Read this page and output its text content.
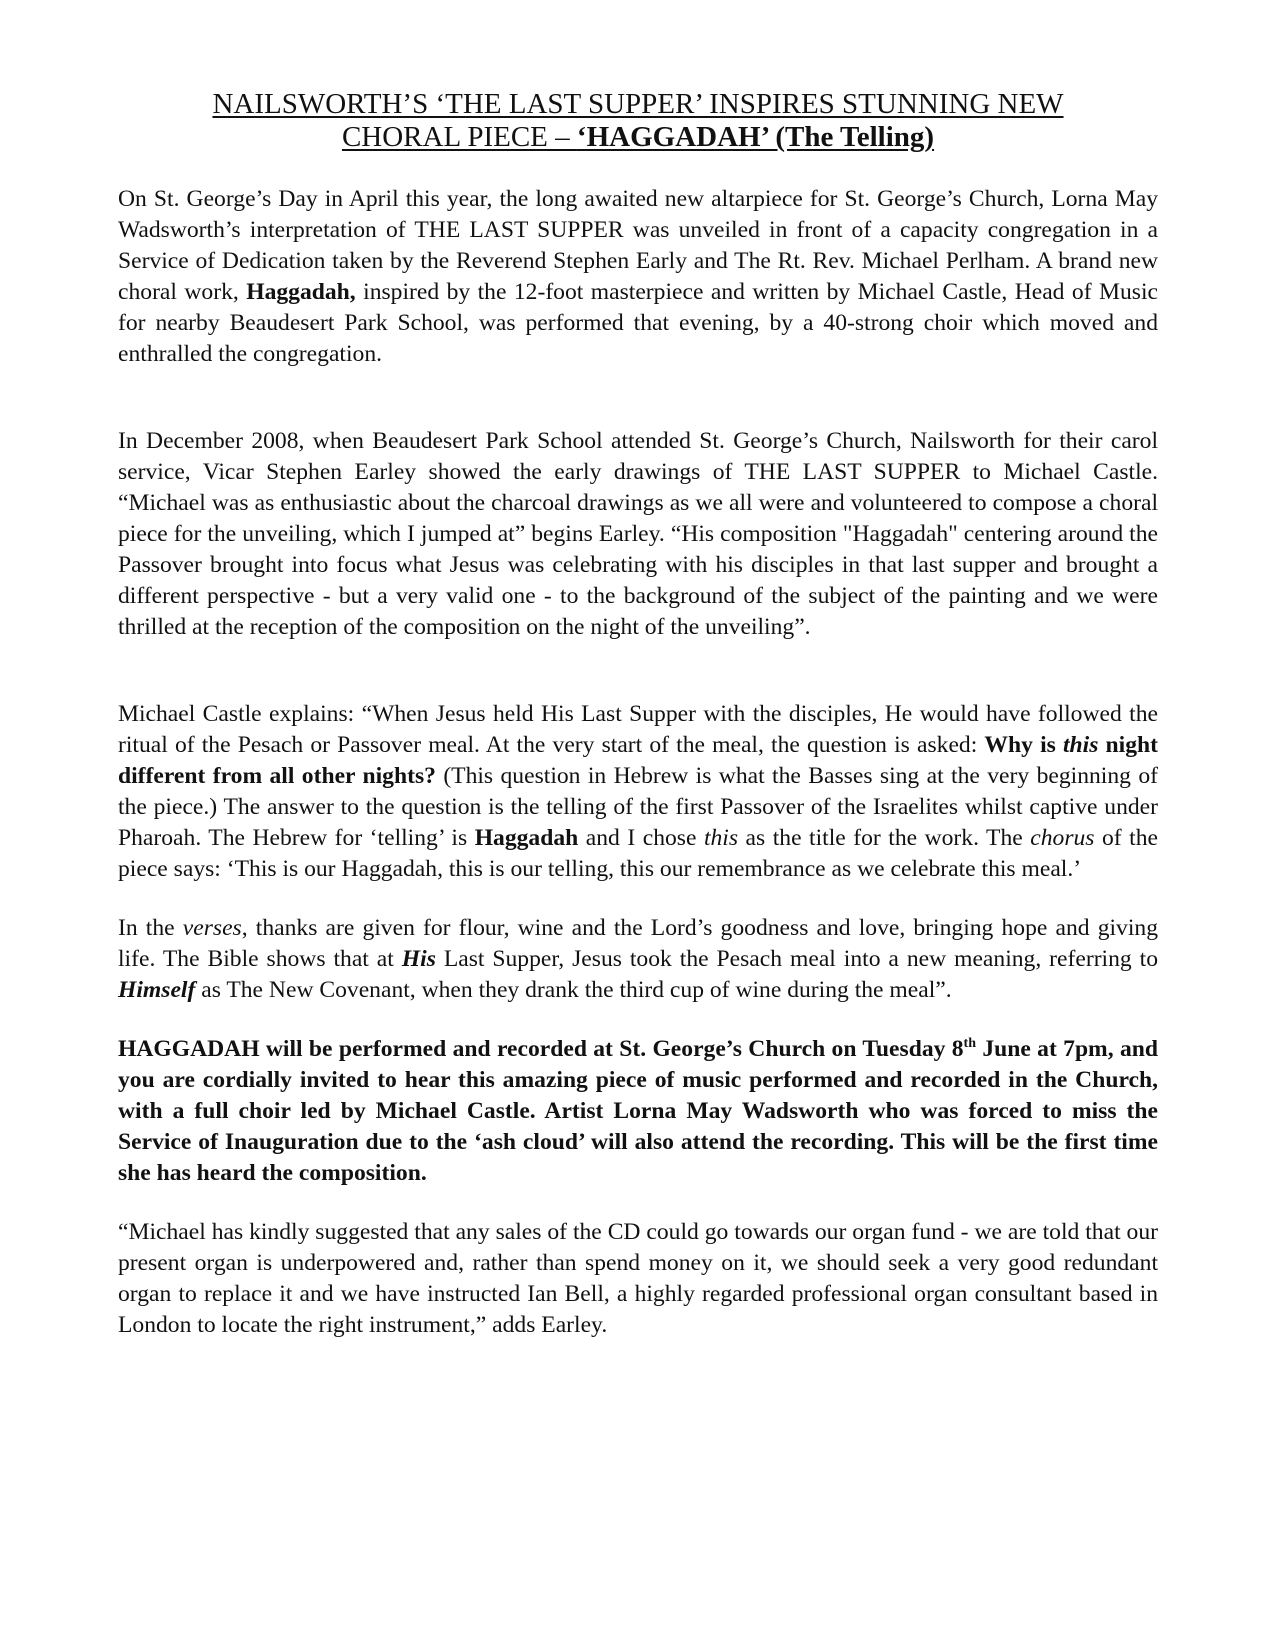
NAILSWORTH’S ‘THE LAST SUPPER’ INSPIRES STUNNING NEW
CHORAL PIECE – ‘HAGGADAH’ (The Telling)

On St. George’s Day in April this year, the long awaited new altarpiece for St. George’s Church, Lorna May Wadsworth’s interpretation of THE LAST SUPPER was unveiled in front of a capacity congregation in a Service of Dedication taken by the Reverend Stephen Early and The Rt. Rev. Michael Perlham. A brand new choral work, Haggadah, inspired by the 12-foot masterpiece and written by Michael Castle, Head of Music for nearby Beaudesert Park School, was performed that evening, by a 40-strong choir which moved and enthralled the congregation.

In December 2008, when Beaudesert Park School attended St. George’s Church, Nailsworth for their carol service, Vicar Stephen Earley showed the early drawings of THE LAST SUPPER to Michael Castle. “Michael was as enthusiastic about the charcoal drawings as we all were and volunteered to compose a choral piece for the unveiling, which I jumped at” begins Earley. “His composition "Haggadah" centering around the Passover brought into focus what Jesus was celebrating with his disciples in that last supper and brought a different perspective - but a very valid one - to the background of the subject of the painting and we were thrilled at the reception of the composition on the night of the unveiling”.

Michael Castle explains: “When Jesus held His Last Supper with the disciples, He would have followed the ritual of the Pesach or Passover meal. At the very start of the meal, the question is asked: Why is this night different from all other nights? (This question in Hebrew is what the Basses sing at the very beginning of the piece.) The answer to the question is the telling of the first Passover of the Israelites whilst captive under Pharoah. The Hebrew for ‘telling’ is Haggadah and I chose this as the title for the work. The chorus of the piece says: ‘This is our Haggadah, this is our telling, this our remembrance as we celebrate this meal.’

In the verses, thanks are given for flour, wine and the Lord’s goodness and love, bringing hope and giving life. The Bible shows that at His Last Supper, Jesus took the Pesach meal into a new meaning, referring to Himself as The New Covenant, when they drank the third cup of wine during the meal”.

HAGGADAH will be performed and recorded at St. George’s Church on Tuesday 8th June at 7pm, and you are cordially invited to hear this amazing piece of music performed and recorded in the Church, with a full choir led by Michael Castle. Artist Lorna May Wadsworth who was forced to miss the Service of Inauguration due to the ‘ash cloud’ will also attend the recording. This will be the first time she has heard the composition.

“Michael has kindly suggested that any sales of the CD could go towards our organ fund - we are told that our present organ is underpowered and, rather than spend money on it, we should seek a very good redundant organ to replace it and we have instructed Ian Bell, a highly regarded professional organ consultant based in London to locate the right instrument,” adds Earley.
